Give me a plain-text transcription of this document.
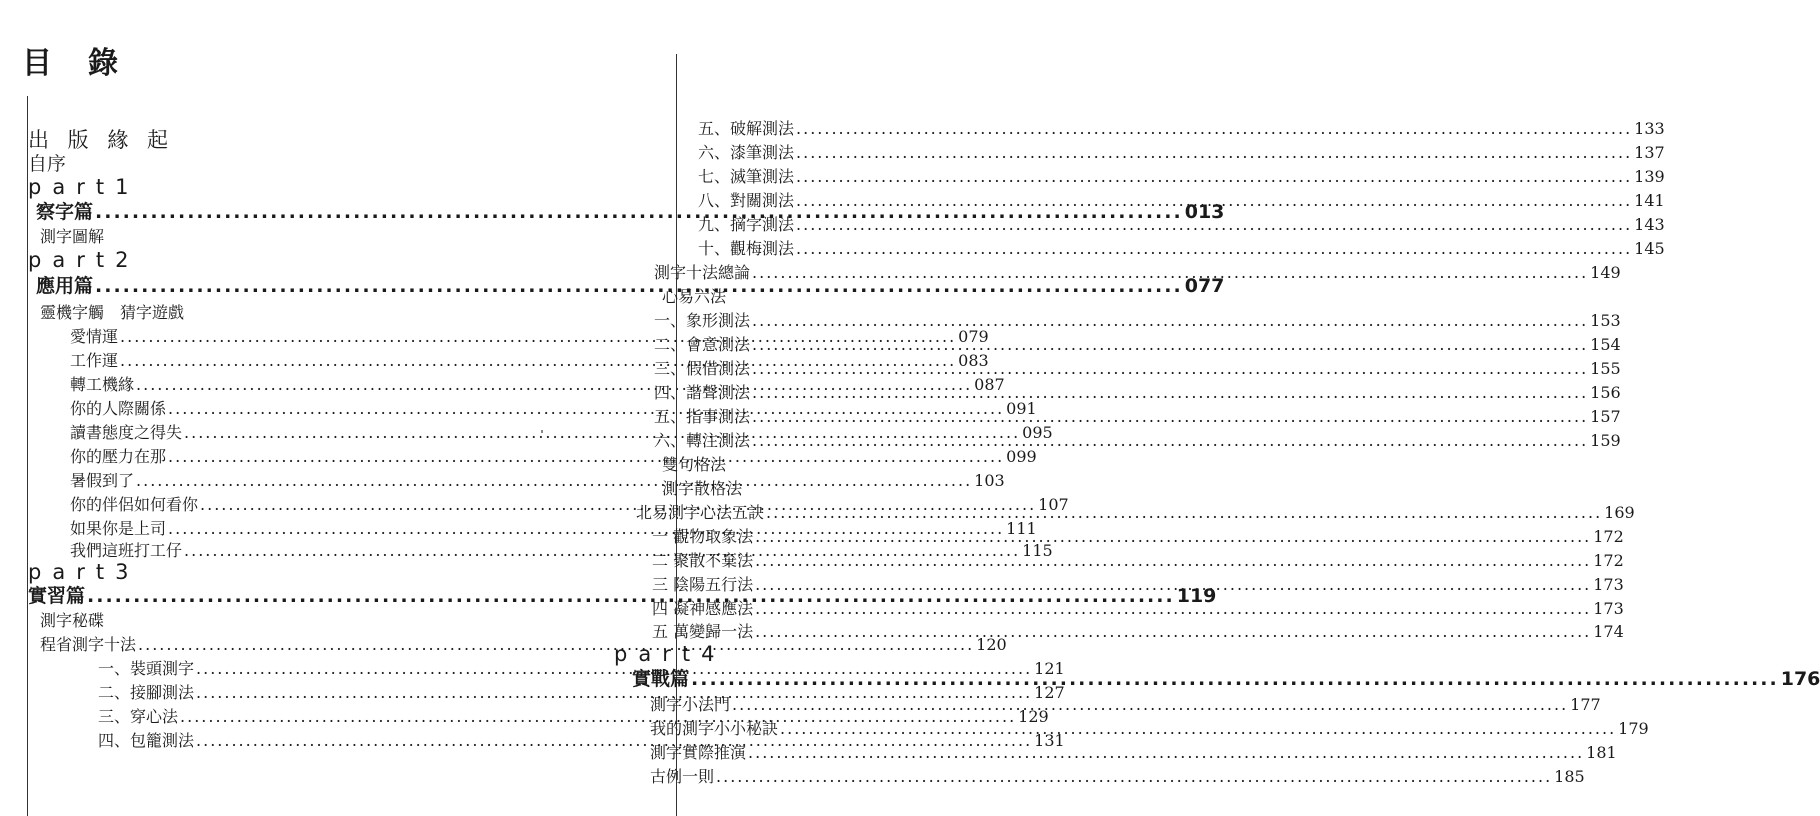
目錄
出 版 緣 起
自序
part1
察字篇 .....	013
測字圖解
part2
應用篇 .....	077
靈機字觸　猜字遊戲
愛情運 .....	079
工作運 .....	083
轉工機緣 .....	087
你的人際關係 .....	091
讀書態度之得失 .....	095
你的壓力在那 .....	099
暑假到了 .....	103
你的伴侶如何看你 .....	107
如果你是上司 .....	111
我們這班打工仔 .....	115
part3
實習篇 .....	119
測字秘碟
程省測字十法 .....	120
一、裝頭測字 .....	121
二、接腳測法 .....	127
三、穿心法 .....	129
四、包籠測法 .....	131
五、破解測法 .....	133
六、漆筆測法 .....	137
七、滅筆測法 .....	139
八、對關測法 .....	141
九、摘字測法 .....	143
十、觀梅測法 .....	145
測字十法總論 .....	149
心易六法
一、象形測法 .....	153
二、會意測法 .....	154
三、假借測法 .....	155
四、諧聲測法 .....	156
五、指事測法 .....	157
六、轉注測法 .....	159
雙句格法
測字散格法
北易測字心法五訣 .....	169
一 觀物取象法 .....	172
二 聚散不棄法 .....	172
三 陰陽五行法 .....	173
四 凝神感應法 .....	173
五 萬變歸一法 .....	174
part4
實戰篇 .....	176
測字小法門 .....	177
我的測字小小秘訣 .....	179
測字實際推演 .....	181
古例一則 .....	185
